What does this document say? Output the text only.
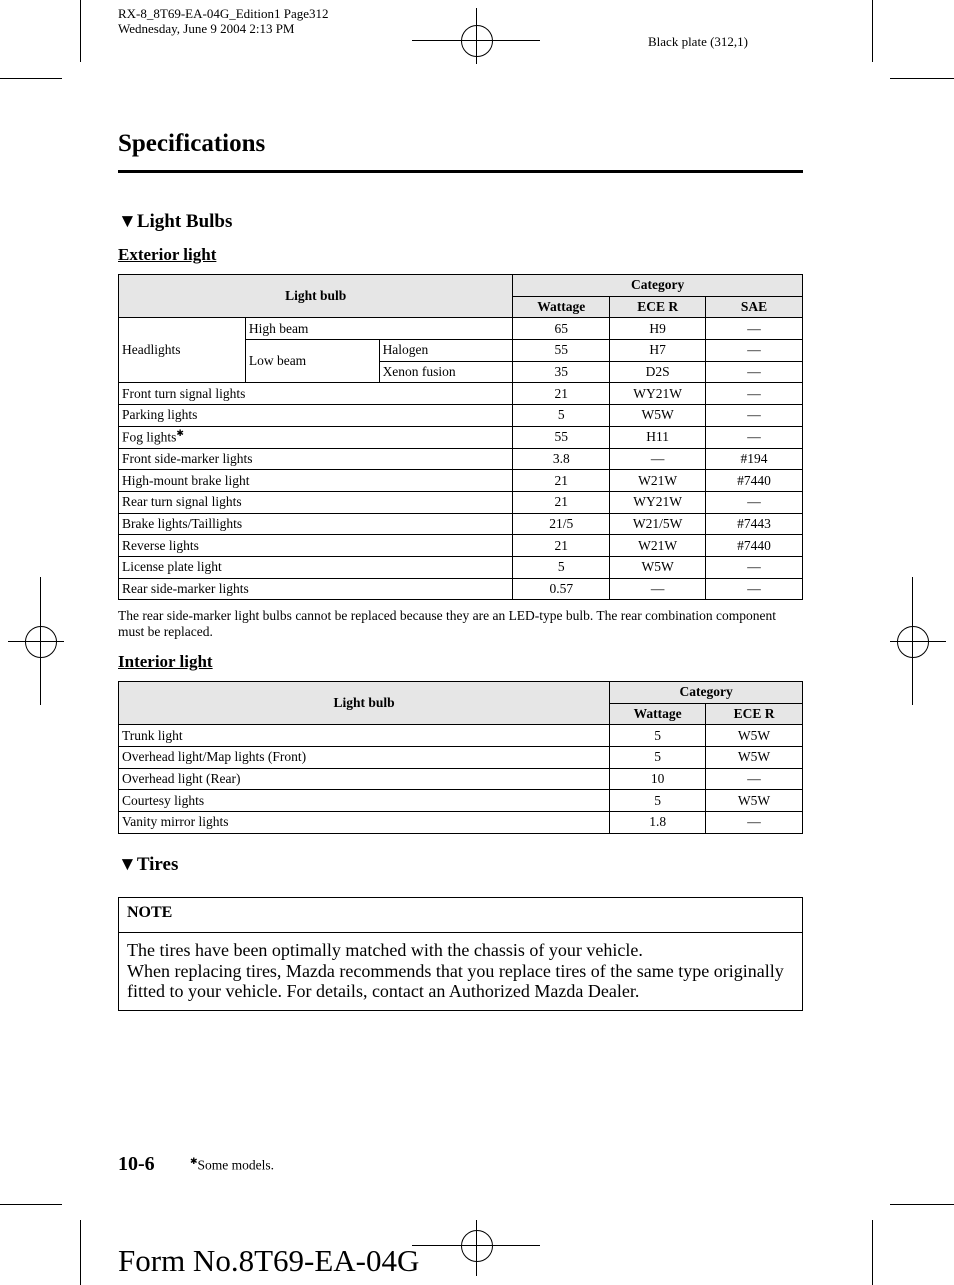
RX-8_8T69-EA-04G_Edition1 Page312
Wednesday, June 9 2004 2:13 PM
Black plate (312,1)
Specifications
▼Light Bulbs
Exterior light
Light bulb			Category		
			Wattage	ECE R	SAE
Headlights	High beam		65	H9	—
	Low beam	Halogen	55	H7	—
		Xenon fusion	35	D2S	—
Front turn signal lights			21	WY21W	—
Parking lights			5	W5W	—
Fog lights✱			55	H11	—
Front side-marker lights			3.8	—	#194
High-mount brake light			21	W21W	#7440
Rear turn signal lights			21	WY21W	—
Brake lights/Taillights			21/5	W21/5W	#7443
Reverse lights			21	W21W	#7440
License plate light			5	W5W	—
Rear side-marker lights			0.57	—	—
The rear side-marker light bulbs cannot be replaced because they are an LED-type bulb. The rear combination component must be replaced.
Interior light
Light bulb	Category	
	Wattage	ECE R
Trunk light	5	W5W
Overhead light/Map lights (Front)	5	W5W
Overhead light (Rear)	10	—
Courtesy lights	5	W5W
Vanity mirror lights	1.8	—
▼Tires
NOTE
The tires have been optimally matched with the chassis of your vehicle.
When replacing tires, Mazda recommends that you replace tires of the same type originally fitted to your vehicle. For details, contact an Authorized Mazda Dealer.
10-6	✱Some models.
Form No.8T69-EA-04G
